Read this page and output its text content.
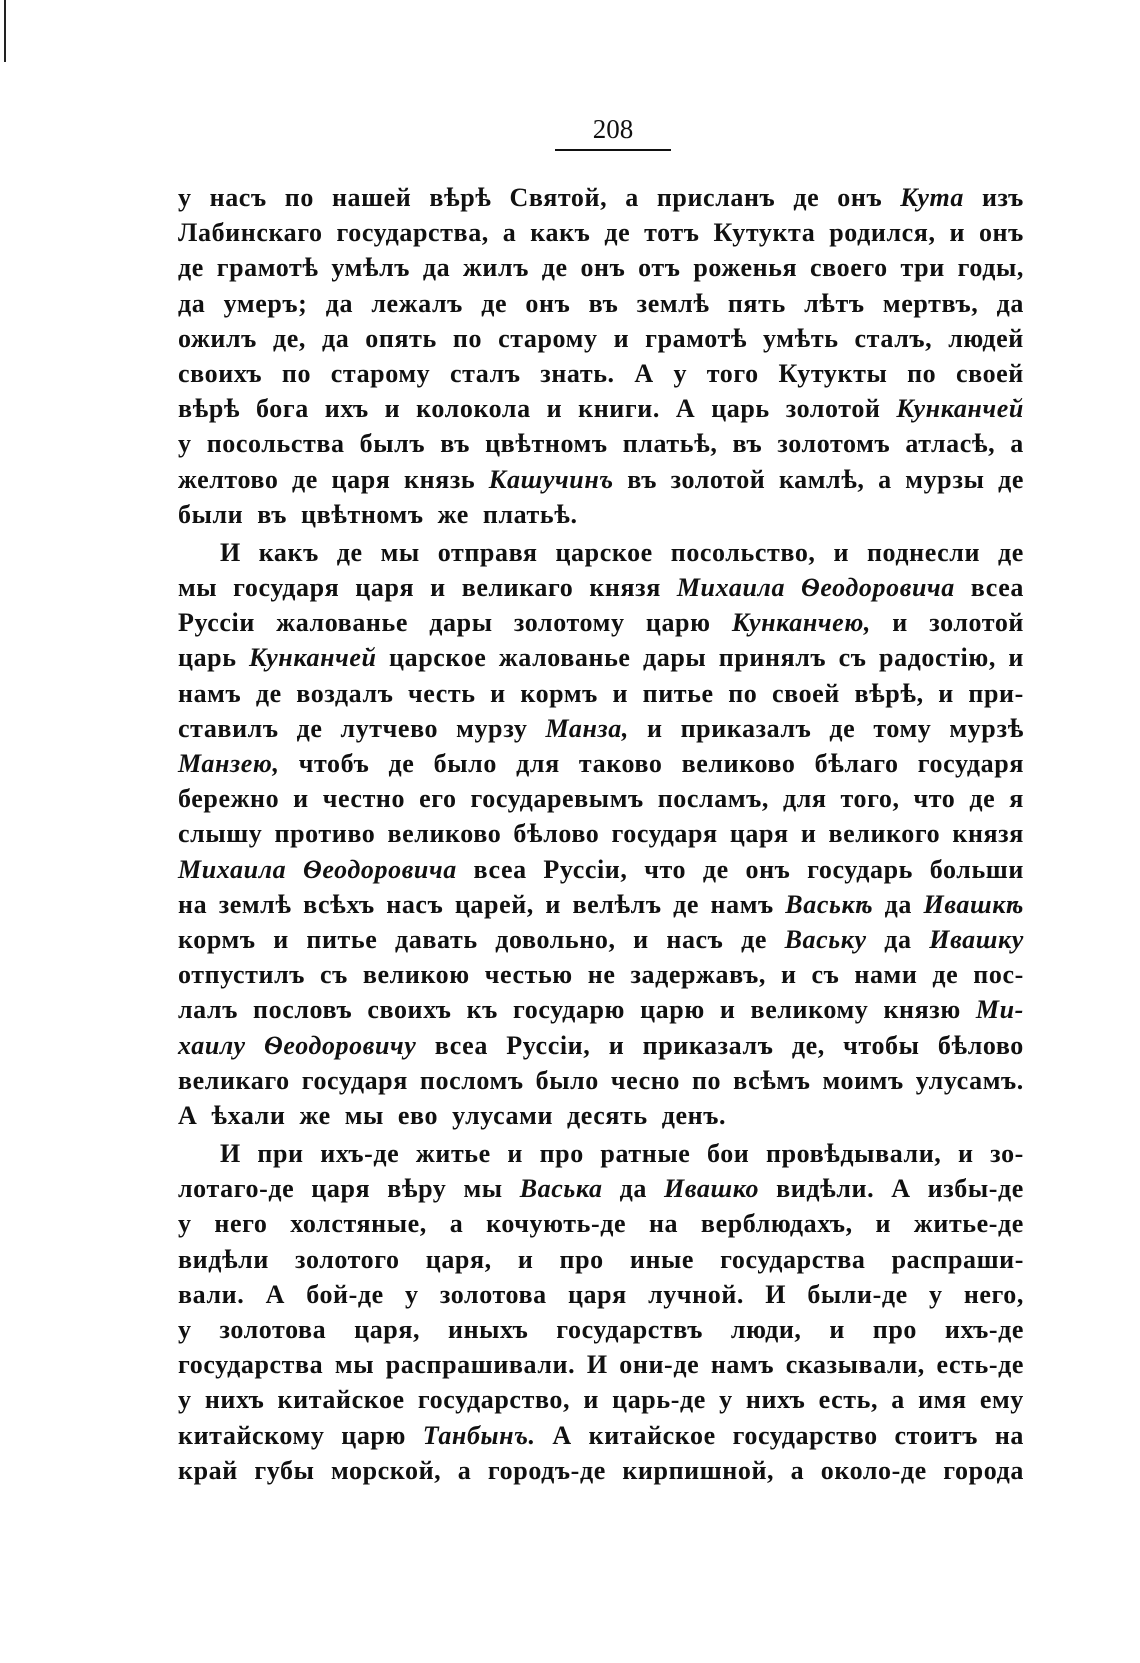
208
у насъ по нашей вѣрѣ Святой, а присланъ де онъ Кута изъ
Лабинскаго государства, а какъ де тотъ Кутукта родился, и онъ
де грамотѣ умѣлъ да жилъ де онъ отъ роженья своего три годы,
да умеръ; да лежалъ де онъ въ землѣ пять лѣтъ мертвъ, да
ожилъ де, да опять по старому и грамотѣ умѣть сталъ, людей
своихъ по старому сталъ знать. А у того Кутукты по своей
вѣрѣ бога ихъ и колокола и книги. А царь золотой Кунканчей
у посольства былъ въ цвѣтномъ платьѣ, въ золотомъ атласѣ, а
желтово де царя князь Кашучинъ въ золотой камлѣ, а мурзы де
были въ цвѣтномъ же платьѣ.
И какъ де мы отправя царское посольство, и поднесли де
мы государя царя и великаго князя Михаила Ѳеодоровича всеа
Руссіи жалованье дары золотому царю Кунканчею, и золотой
царь Кунканчей царское жалованье дары принялъ съ радостію, и
намъ де воздалъ честь и кормъ и питье по своей вѣрѣ, и при-
ставилъ де лутчево мурзу Манза, и приказалъ де тому мурзѣ
Манзею, чтобъ де было для таково великово бѣлаго государя
бережно и честно его государевымъ посламъ, для того, что де я
слышу противо великово бѣлово государя царя и великого князя
Михаила Ѳеодоровича всеа Руссіи, что де онъ государь больши
на землѣ всѣхъ насъ царей, и велѣлъ де намъ Васькѣ да Ивашкѣ
кормъ и питье давать довольно, и насъ де Ваську да Ивашку
отпустилъ съ великою честью не задержавъ, и съ нами де пос-
лалъ пословъ своихъ къ государю царю и великому князю Ми-
хаилу Ѳеодоровичу всеа Руссіи, и приказалъ де, чтобы бѣлово
великаго государя посломъ было чесно по всѣмъ моимъ улусамъ.
А ѣхали же мы ево улусами десять денъ.
И при ихъ-де житье и про ратные бои провѣдывали, и зо-
лотаго-де царя вѣру мы Васька да Ивашко видѣли. А избы-де
у него холстяные, а кочують-де на верблюдахъ, и житье-де
видѣли золотого царя, и про иные государства распраши-
вали. А бой-де у золотова царя лучной. И были-де у него,
у золотова царя, иныхъ государствъ люди, и про ихъ-де
государства мы распрашивали. И они-де намъ сказывали, есть-де
у нихъ китайское государство, и царь-де у нихъ есть, а имя ему
китайскому царю Танбынъ. А китайское государство стоитъ на
край губы морской, а городъ-де кирпишной, а около-де города
